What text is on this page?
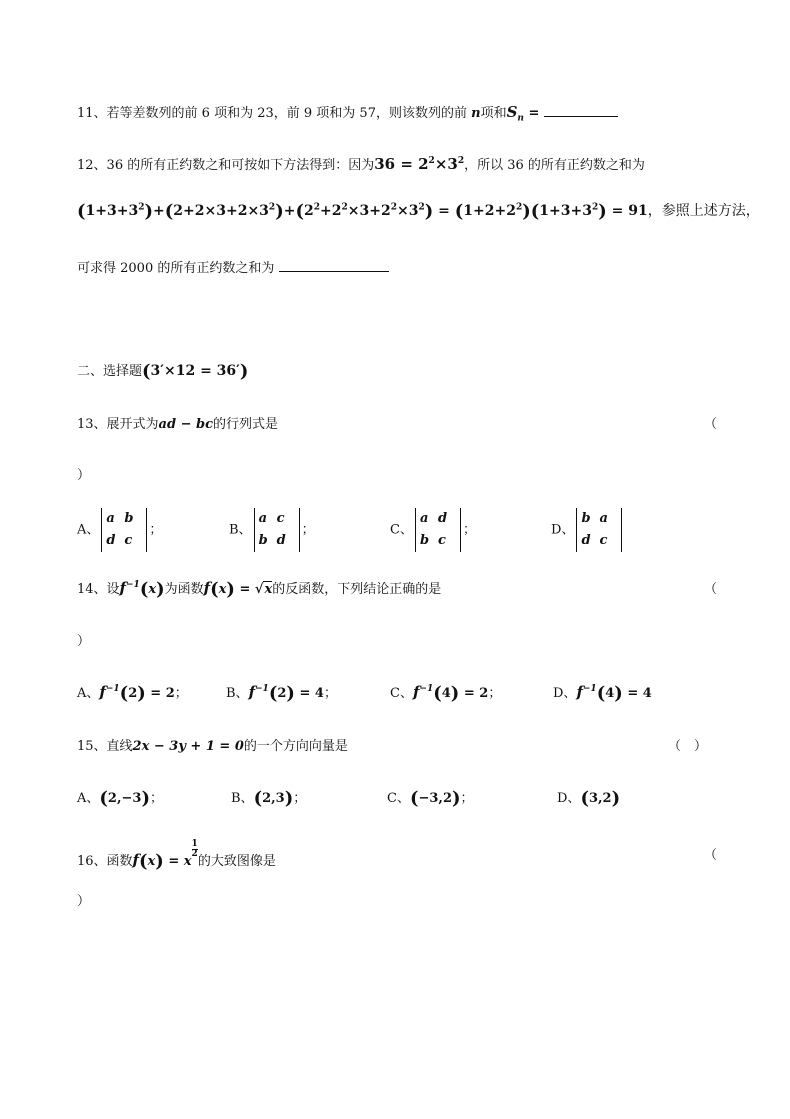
11、若等差数列的前 6 项和为 23，前 9 项和为 57，则该数列的前 n项和$S_n$ =
12、36 的所有正约数之和可按如下方法得到：因为$36 = 2^2\times 3^2$，所以 36 的所有正约数之和为
$(1+3+3^2)+(2+2\times 3+2\times 3^2)+(2^2+2^2\times 3+2^2\times 3^2) = (1+2+2^2)(1+3+3^2) = 91$，参照上述方法，
可求得 2000 的所有正约数之和为
二、选择题(3′×12 = 36′)
13、展开式为ad − bc的行列式是	（
）
A、
a b
d c
；	B、
a c
b d
；	C、
a d
b c
；	D、
b a
d c
14、设$f^{-1}(x)$为函数f(x) = √x的反函数，下列结论正确的是	（
）
A、$f^{-1}(2) = 2$；	B、$f^{-1}(2) = 4$；	C、$f^{-1}(4) = 2$；	D、$f^{-1}(4) = 4$
15、直线2x − 3y + 1 = 0的一个方向向量是	（　）
A、(2,−3)；	B、(2,3)；	C、(−3,2)；	D、(3,2)
16、函数f(x) = x
$\frac{1}{2}$
的大致图像是	（
）
